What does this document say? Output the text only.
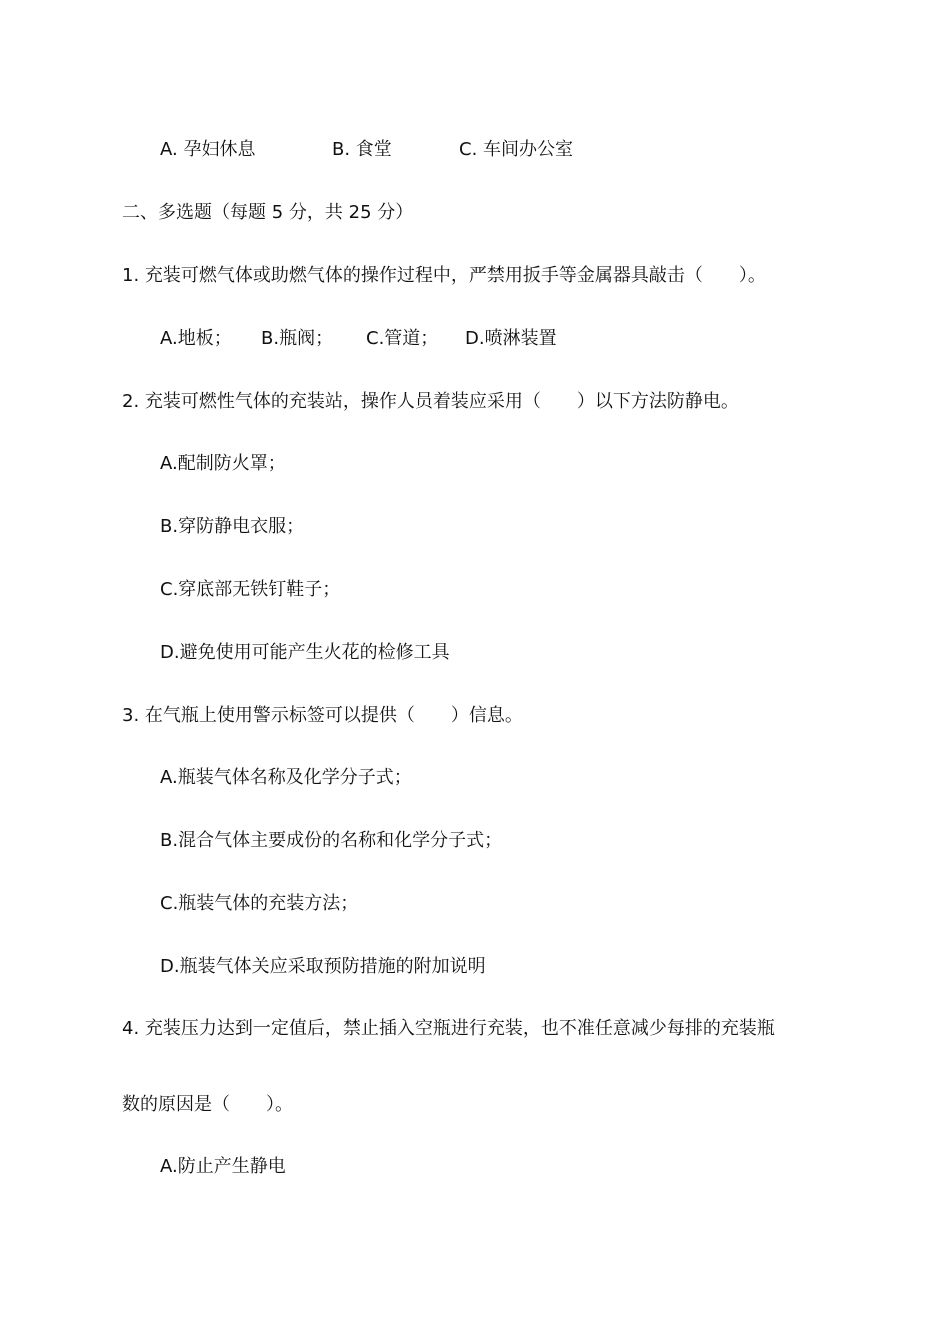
A. 孕妇休息	B. 食堂	C. 车间办公室
二、多选题（每题 5 分，共 25 分）
1. 充装可燃气体或助燃气体的操作过程中，严禁用扳手等金属器具敲击（　　）。
A.地板； B.瓶阀； C.管道； D.喷淋装置
2. 充装可燃性气体的充装站，操作人员着装应采用（　　）以下方法防静电。
A.配制防火罩；
B.穿防静电衣服；
C.穿底部无铁钉鞋子；
D.避免使用可能产生火花的检修工具
3. 在气瓶上使用警示标签可以提供（　　）信息。
A.瓶装气体名称及化学分子式；
B.混合气体主要成份的名称和化学分子式；
C.瓶装气体的充装方法；
D.瓶装气体关应采取预防措施的附加说明
4. 充装压力达到一定值后，禁止插入空瓶进行充装，也不准任意减少每排的充装瓶
数的原因是（　　）。
A.防止产生静电
